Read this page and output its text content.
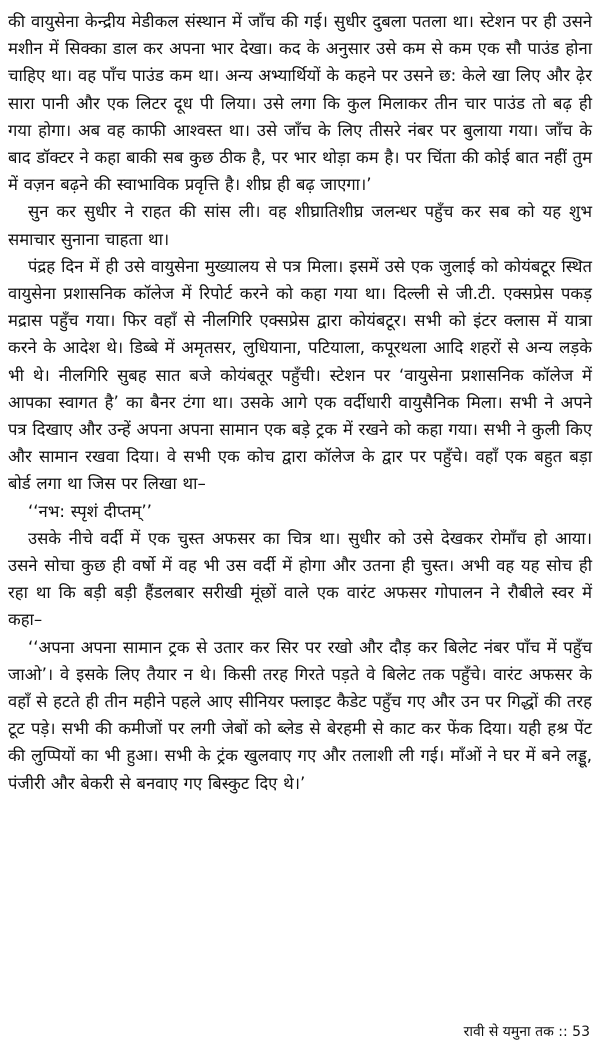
की वायुसेना केन्द्रीय मेडीकल संस्थान में जाँच की गई। सुधीर दुबला पतला था। स्टेशन पर ही उसने मशीन में सिक्का डाल कर अपना भार देखा। कद के अनुसार उसे कम से कम एक सौ पाउंड होना चाहिए था। वह पाँच पाउंड कम था। अन्य अभ्यार्थियों के कहने पर उसने छ: केले खा लिए और ढ़ेर सारा पानी और एक लिटर दूध पी लिया। उसे लगा कि कुल मिलाकर तीन चार पाउंड तो बढ़ ही गया होगा। अब वह काफी आश्वस्त था। उसे जाँच के लिए तीसरे नंबर पर बुलाया गया। जाँच के बाद डॉक्टर ने कहा बाकी सब कुछ ठीक है, पर भार थोड़ा कम है। पर चिंता की कोई बात नहीं तुम में वज़न बढ़ने की स्वाभाविक प्रवृत्ति है। शीघ्र ही बढ़ जाएगा।’

सुन कर सुधीर ने राहत की सांस ली। वह शीघ्रातिशीघ्र जलन्धर पहुँच कर सब को यह शुभ समाचार सुनाना चाहता था।

पंद्रह दिन में ही उसे वायुसेना मुख्यालय से पत्र मिला। इसमें उसे एक जुलाई को कोयंबटूर स्थित वायुसेना प्रशासनिक कॉलेज में रिपोर्ट करने को कहा गया था। दिल्ली से जी.टी. एक्सप्रेस पकड़ मद्रास पहुँच गया। फिर वहाँ से नीलगिरि एक्सप्रेस द्वारा कोयंबटूर। सभी को इंटर क्लास में यात्रा करने के आदेश थे। डिब्बे में अमृतसर, लुधियाना, पटियाला, कपूरथला आदि शहरों से अन्य लड़के भी थे। नीलगिरि सुबह सात बजे कोयंबतूर पहुँची। स्टेशन पर ‘वायुसेना प्रशासनिक कॉलेज में आपका स्वागत है’ का बैनर टंगा था। उसके आगे एक वर्दीधारी वायुसैनिक मिला। सभी ने अपने पत्र दिखाए और उन्हें अपना अपना सामान एक बड़े ट्रक में रखने को कहा गया। सभी ने कुली किए और सामान रखवा दिया। वे सभी एक कोच द्वारा कॉलेज के द्वार पर पहुँचे। वहाँ एक बहुत बड़ा बोर्ड लगा था जिस पर लिखा था–

‘‘नभ: स्पृशं दीप्तम्’’

उसके नीचे वर्दी में एक चुस्त अफसर का चित्र था। सुधीर को उसे देखकर रोमाँच हो आया। उसने सोचा कुछ ही वर्षो में वह भी उस वर्दी में होगा और उतना ही चुस्त। अभी वह यह सोच ही रहा था कि बड़ी बड़ी हैंडलबार सरीखी मूंछों वाले एक वारंट अफसर गोपालन ने रौबीले स्वर में कहा–

‘‘अपना अपना सामान ट्रक से उतार कर सिर पर रखो और दौड़ कर बिलेट नंबर पाँच में पहुँच जाओ’। वे इसके लिए तैयार न थे। किसी तरह गिरते पड़ते वे बिलेट तक पहुँचे। वारंट अफसर के वहाँ से हटते ही तीन महीने पहले आए सीनियर फ्लाइट कैडेट पहुँच गए और उन पर गिद्धों की तरह टूट पड़े। सभी की कमीजों पर लगी जेबों को ब्लेड से बेरहमी से काट कर फेंक दिया। यही हश्र पेंट की लुप्पियों का भी हुआ। सभी के ट्रंक खुलवाए गए और तलाशी ली गई। माँओं ने घर में बने लड्डू, पंजीरी और बेकरी से बनवाए गए बिस्कुट दिए थे।’

रावी से यमुना तक :: 53
